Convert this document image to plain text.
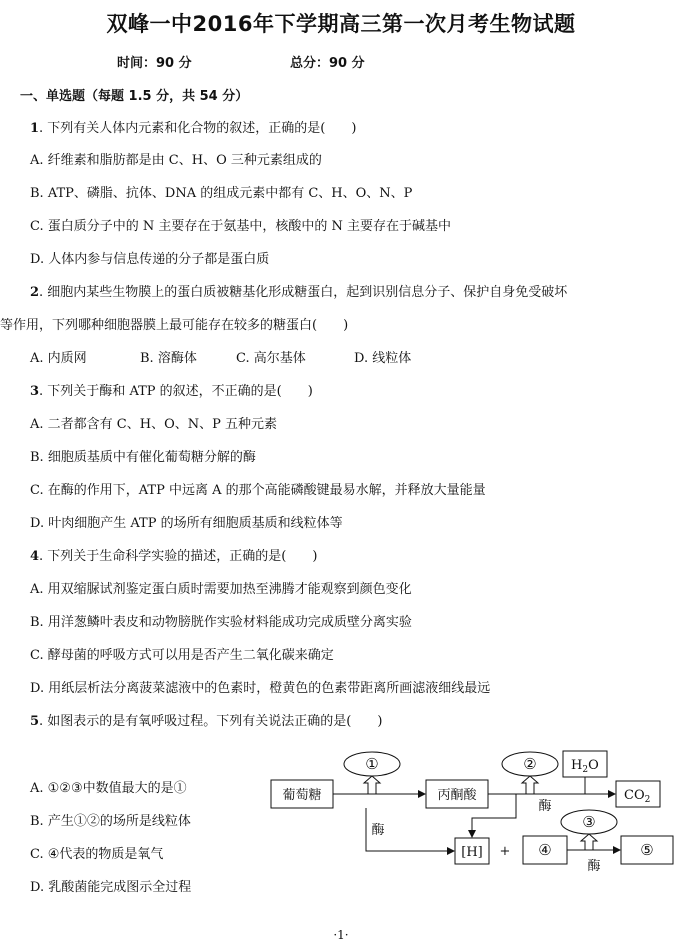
双峰一中2016年下学期高三第一次月考生物试题
时间：90 分	总分：90 分
一、单选题（每题 1.5 分，共 54 分）
1. 下列有关人体内元素和化合物的叙述，正确的是(　　)
A. 纤维素和脂肪都是由 C、H、O 三种元素组成的
B. ATP、磷脂、抗体、DNA 的组成元素中都有 C、H、O、N、P
C. 蛋白质分子中的 N 主要存在于氨基中，核酸中的 N 主要存在于碱基中
D. 人体内参与信息传递的分子都是蛋白质
2. 细胞内某些生物膜上的蛋白质被糖基化形成糖蛋白，起到识别信息分子、保护自身免受破坏
等作用，下列哪种细胞器膜上最可能存在较多的糖蛋白(　　)
A. 内质网	B. 溶酶体	C. 高尔基体	D. 线粒体
3. 下列关于酶和 ATP 的叙述，不正确的是(　　)
A. 二者都含有 C、H、O、N、P 五种元素
B. 细胞质基质中有催化葡萄糖分解的酶
C. 在酶的作用下，ATP 中远离 A 的那个高能磷酸键最易水解，并释放大量能量
D. 叶肉细胞产生 ATP 的场所有细胞质基质和线粒体等
4. 下列关于生命科学实验的描述，正确的是(　　)
A. 用双缩脲试剂鉴定蛋白质时需要加热至沸腾才能观察到颜色变化
B. 用洋葱鳞叶表皮和动物膀胱作实验材料能成功完成质壁分离实验
C. 酵母菌的呼吸方式可以用是否产生二氧化碳来确定
D. 用纸层析法分离菠菜滤液中的色素时，橙黄色的色素带距离所画滤液细线最远
5. 如图表示的是有氧呼吸过程。下列有关说法正确的是(　　)
A. ①②③中数值最大的是①
B. 产生①②的场所是线粒体
C. ④代表的物质是氧气
D. 乳酸菌能完成图示全过程
葡萄糖	丙酮酸
[H] + ④	⑤
①	②
③
酶
酶
酶
$H_2O$
$CO_2$
·1·
